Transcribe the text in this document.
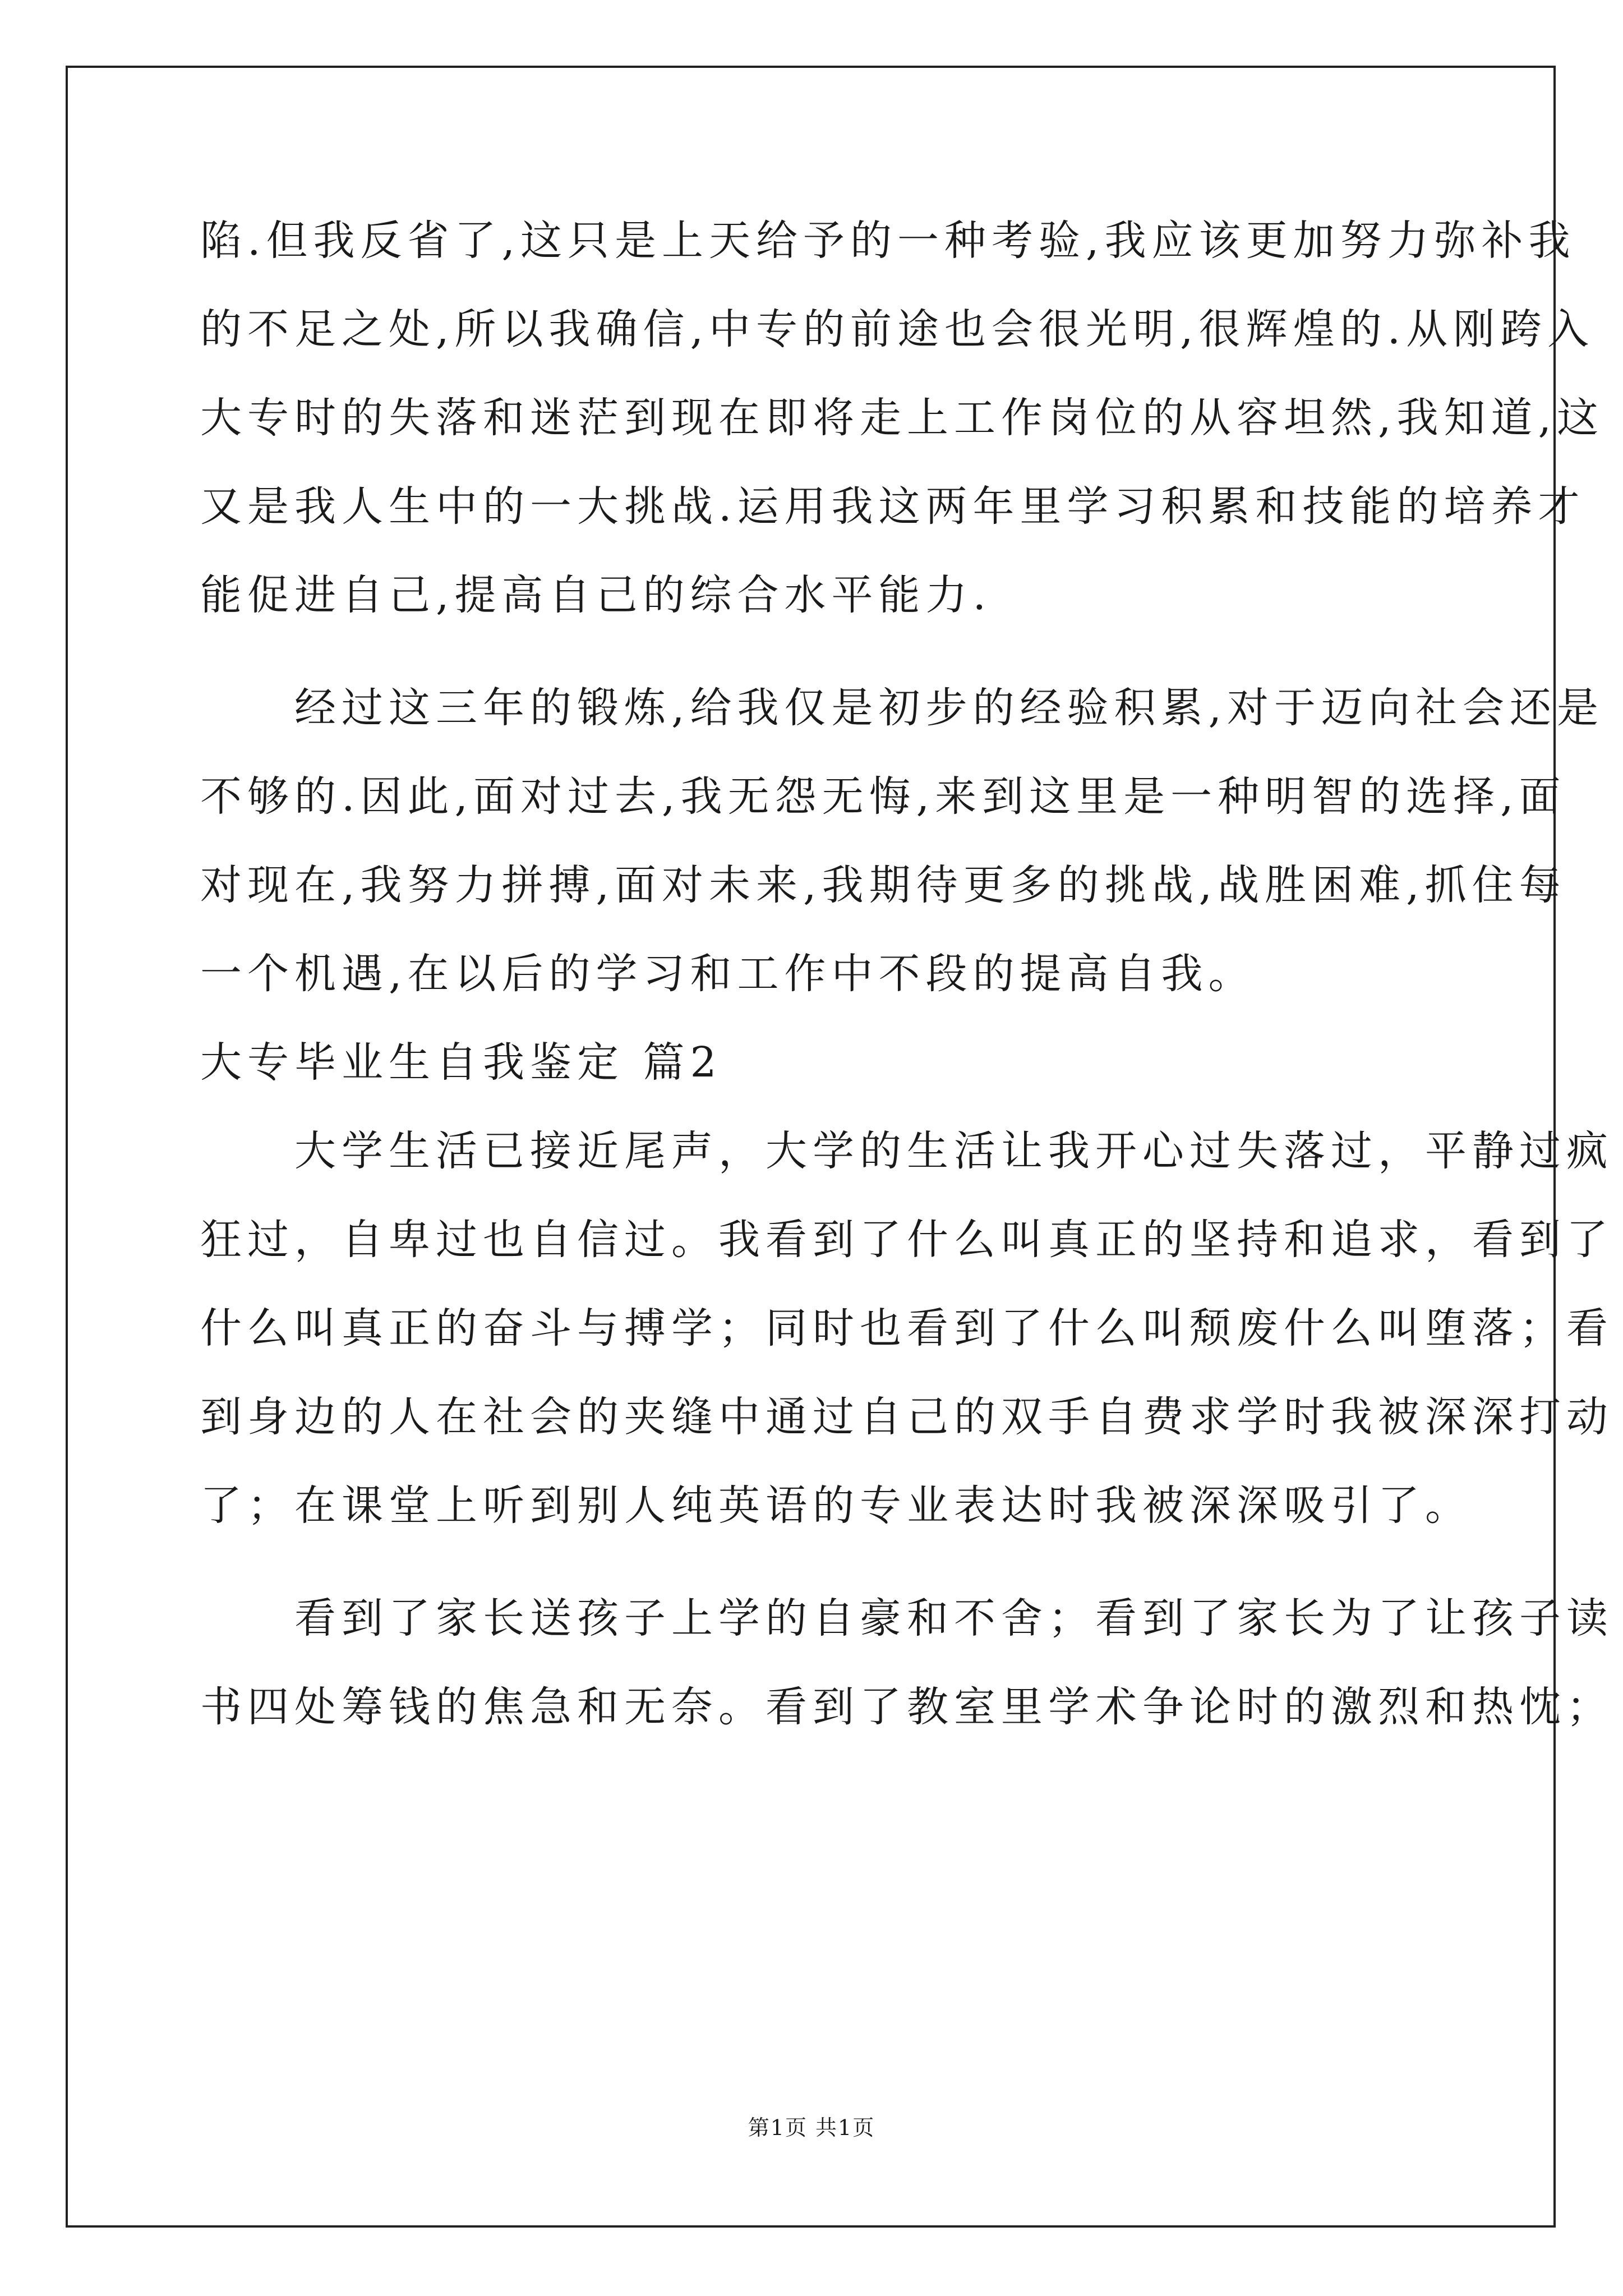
陷.但我反省了,这只是上天给予的一种考验,我应该更加努力弥补我
的不足之处,所以我确信,中专的前途也会很光明,很辉煌的.从刚跨入
大专时的失落和迷茫到现在即将走上工作岗位的从容坦然,我知道,这
又是我人生中的一大挑战.运用我这两年里学习积累和技能的培养才
能促进自己,提高自己的综合水平能力.
经过这三年的锻炼,给我仅是初步的经验积累,对于迈向社会还是
不够的.因此,面对过去,我无怨无悔,来到这里是一种明智的选择,面
对现在,我努力拼搏,面对未来,我期待更多的挑战,战胜困难,抓住每
一个机遇,在以后的学习和工作中不段的提高自我。
大专毕业生自我鉴定 篇2
大学生活已接近尾声，大学的生活让我开心过失落过，平静过疯
狂过，自卑过也自信过。我看到了什么叫真正的坚持和追求，看到了
什么叫真正的奋斗与搏学；同时也看到了什么叫颓废什么叫堕落；看
到身边的人在社会的夹缝中通过自己的双手自费求学时我被深深打动
了；在课堂上听到别人纯英语的专业表达时我被深深吸引了。
看到了家长送孩子上学的自豪和不舍；看到了家长为了让孩子读
书四处筹钱的焦急和无奈。看到了教室里学术争论时的激烈和热忱；
第1页 共1页
